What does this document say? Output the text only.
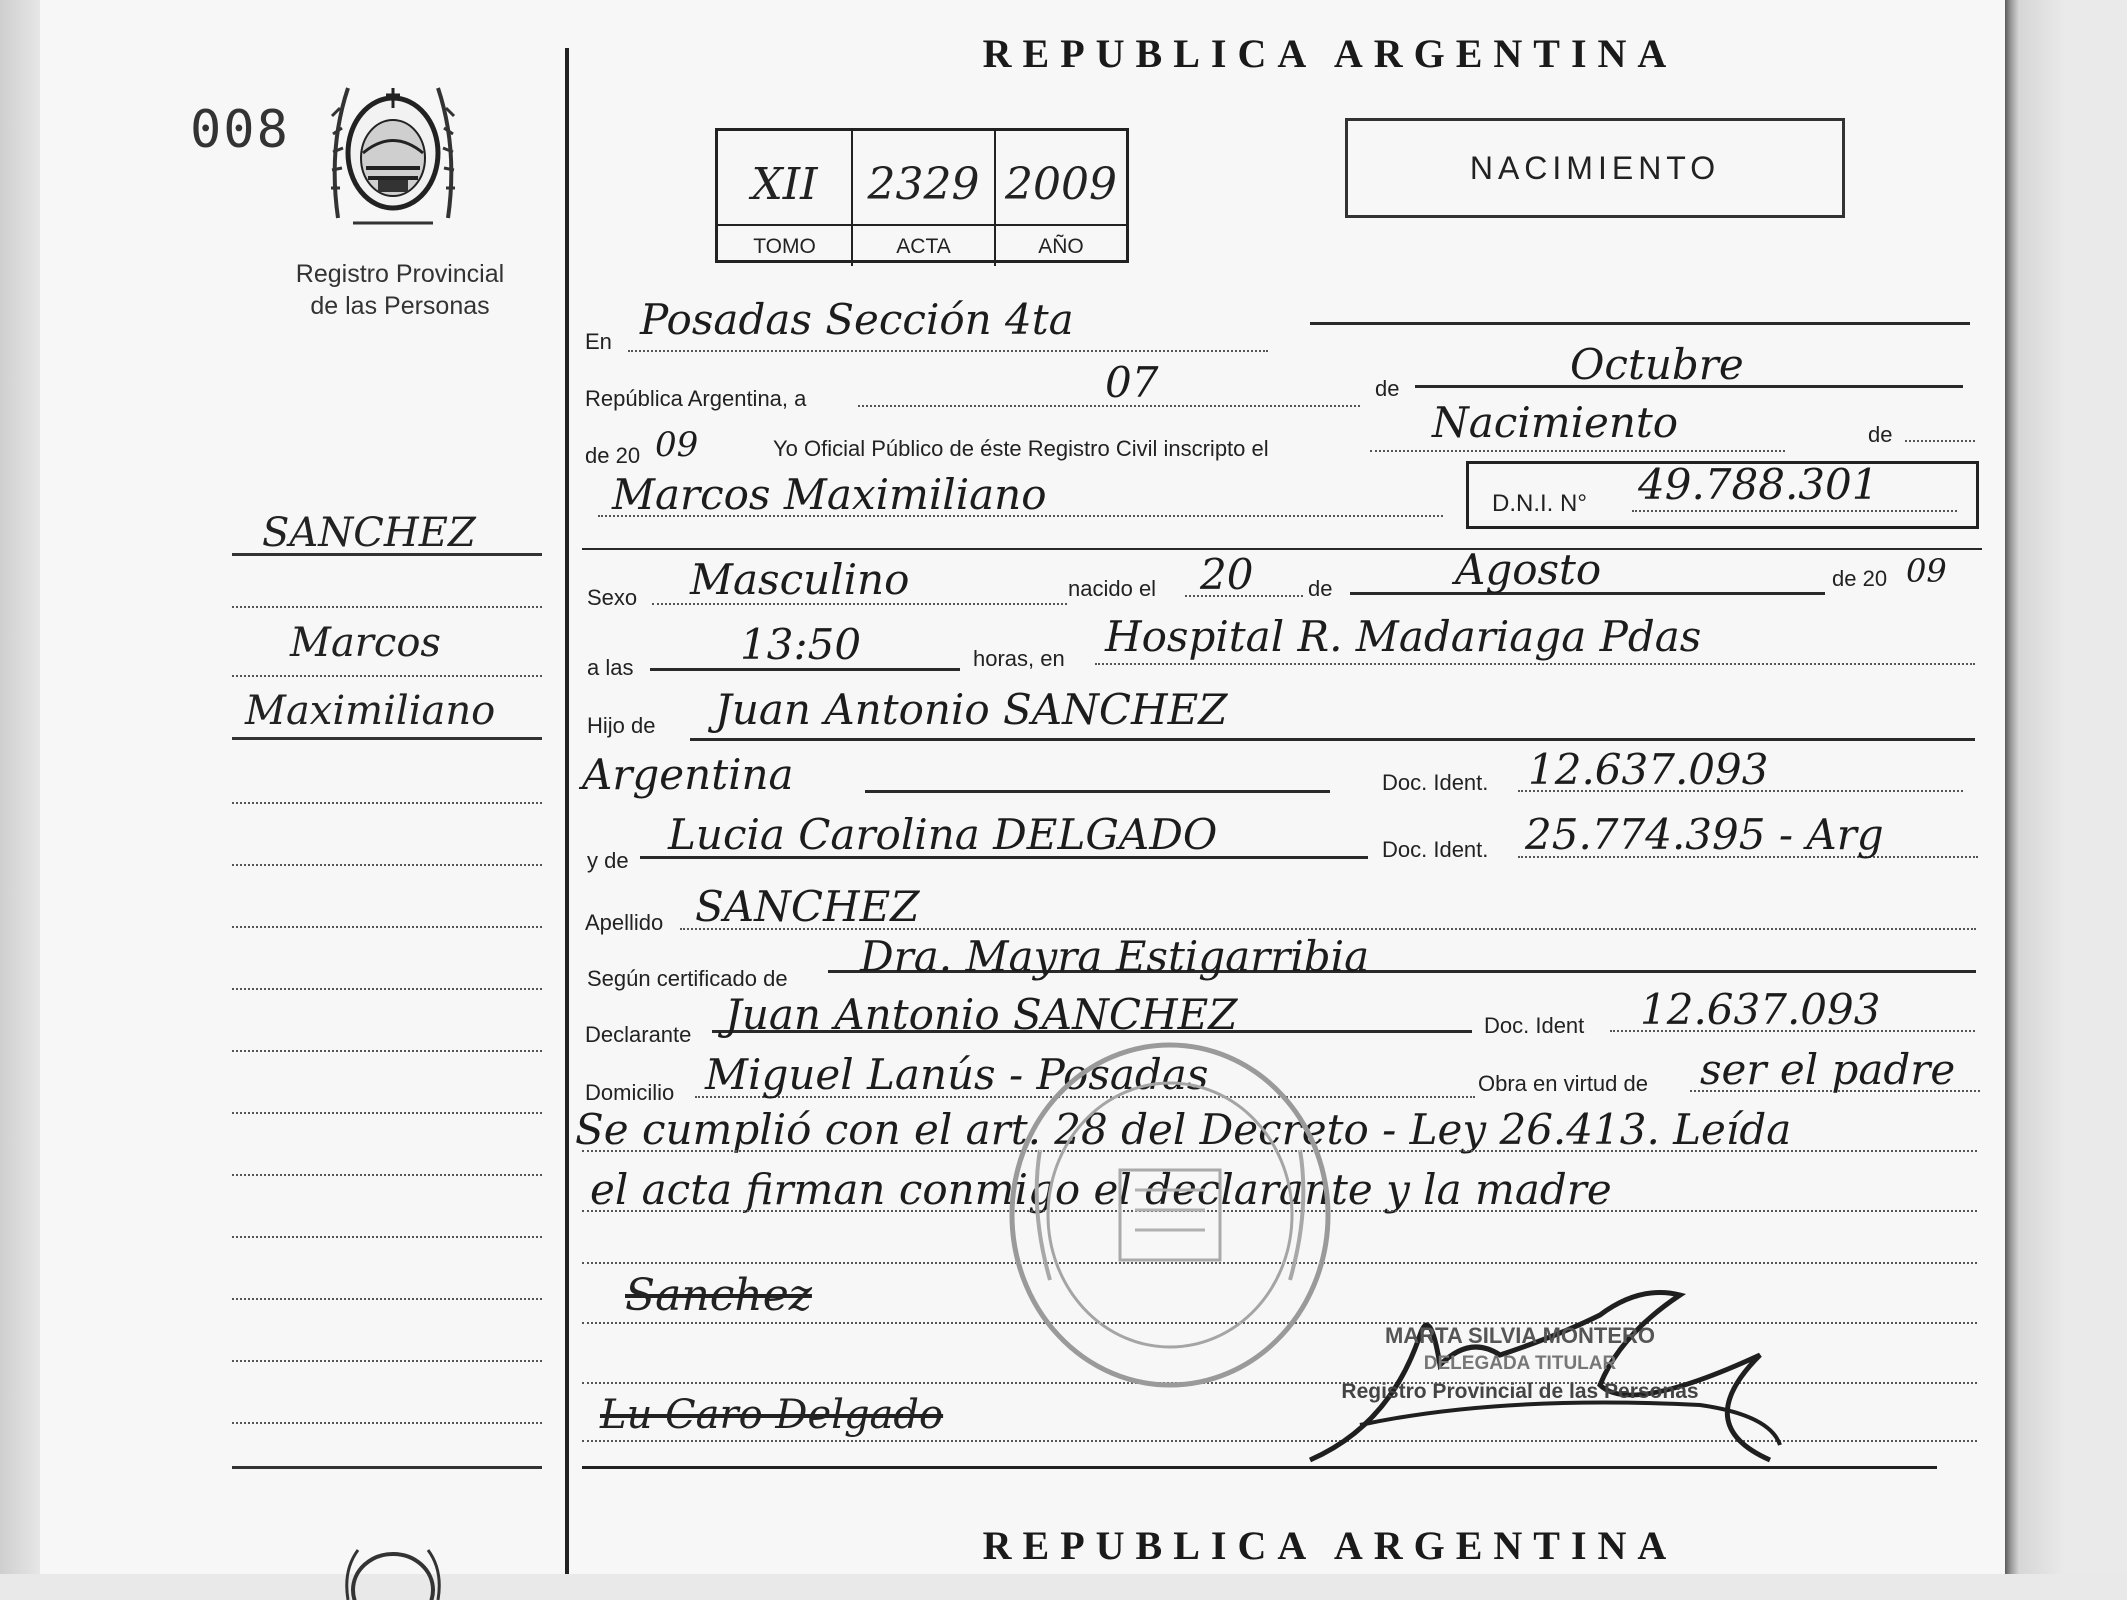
008
Registro Provincial
de las Personas
SANCHEZ
Marcos
Maximiliano
REPUBLICA ARGENTINA
XII	2329 2009
TOMO	ACTA	AÑO
NACIMIENTO
En Posadas Sección 4ta
República Argentina, a	07	de	Octubre
de 20 09	Yo Oficial Público de éste Registro Civil inscripto el
Nacimiento	de
Marcos Maximiliano	D.N.I. N° 49.788.301
Sexo Masculino	nacido el 20 de	Agosto	de 20 09
a las	13:50	horas, en Hospital R. Madariaga Pdas
Hijo de Juan Antonio SANCHEZ
Argentina	Doc. Ident. 12.637.093
y de
Lucia Carolina DELGADO	Doc. Ident. 25.774.395 - Arg
Apellido SANCHEZ
Según certificado de Dra. Mayra Estigarribia
Declarante Juan Antonio SANCHEZ	Doc. Ident 12.637.093
Domicilio Miguel Lanús - Posadas	Obra en virtud de ser el padre
Se cumplió con el art. 28 del Decreto - Ley 26.413. Leída
el acta firman conmigo el declarante y la madre
Sanchez
Lu Caro Delgado
MARTA SILVIA MONTERO
DELEGADA TITULAR
Registro Provincial de las Personas
REPUBLICA ARGENTINA
